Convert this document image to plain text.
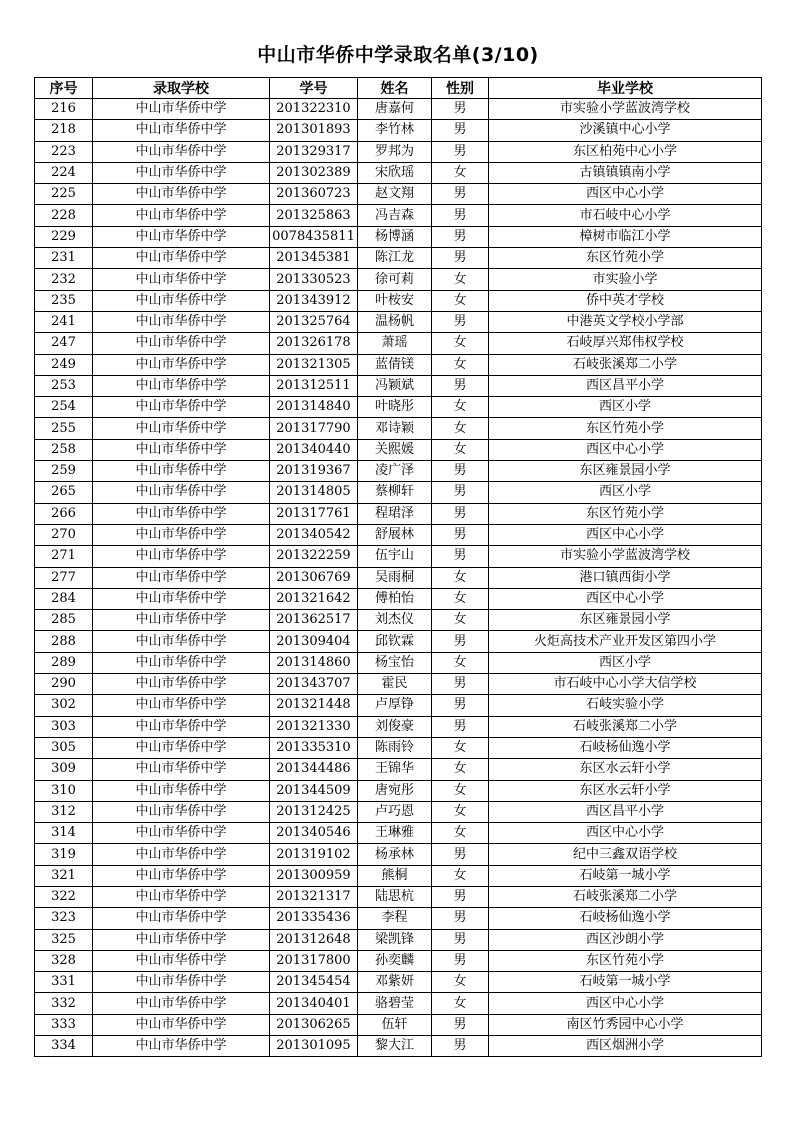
中山市华侨中学录取名单(3/10)
序号	录取学校	学号	姓名	性别	毕业学校
216	中山市华侨中学	201322310	唐嘉何	男	市实验小学蓝波湾学校
218	中山市华侨中学	201301893	李竹林	男	沙溪镇中心小学
223	中山市华侨中学	201329317	罗邦为	男	东区柏苑中心小学
224	中山市华侨中学	201302389	宋欣瑶	女	古镇镇镇南小学
225	中山市华侨中学	201360723	赵文翔	男	西区中心小学
228	中山市华侨中学	201325863	冯吉森	男	市石岐中心小学
229	中山市华侨中学	0078435811	杨博涵	男	樟树市临江小学
231	中山市华侨中学	201345381	陈江龙	男	东区竹苑小学
232	中山市华侨中学	201330523	徐可莉	女	市实验小学
235	中山市华侨中学	201343912	叶桉安	女	侨中英才学校
241	中山市华侨中学	201325764	温杨帆	男	中港英文学校小学部
247	中山市华侨中学	201326178	萧瑶	女	石岐厚兴郑伟权学校
249	中山市华侨中学	201321305	蓝倩镁	女	石岐张溪郑二小学
253	中山市华侨中学	201312511	冯颖斌	男	西区昌平小学
254	中山市华侨中学	201314840	叶晓彤	女	西区小学
255	中山市华侨中学	201317790	邓诗颖	女	东区竹苑小学
258	中山市华侨中学	201340440	关熙媛	女	西区中心小学
259	中山市华侨中学	201319367	凌广泽	男	东区雍景园小学
265	中山市华侨中学	201314805	蔡柳轩	男	西区小学
266	中山市华侨中学	201317761	程珺泽	男	东区竹苑小学
270	中山市华侨中学	201340542	舒展林	男	西区中心小学
271	中山市华侨中学	201322259	伍宇山	男	市实验小学蓝波湾学校
277	中山市华侨中学	201306769	吴雨桐	女	港口镇西街小学
284	中山市华侨中学	201321642	傅柏怡	女	西区中心小学
285	中山市华侨中学	201362517	刘杰仪	女	东区雍景园小学
288	中山市华侨中学	201309404	邱钦霖	男	火炬高技术产业开发区第四小学
289	中山市华侨中学	201314860	杨宝怡	女	西区小学
290	中山市华侨中学	201343707	霍民	男	市石岐中心小学大信学校
302	中山市华侨中学	201321448	卢厚铮	男	石岐实验小学
303	中山市华侨中学	201321330	刘俊豪	男	石岐张溪郑二小学
305	中山市华侨中学	201335310	陈雨铃	女	石岐杨仙逸小学
309	中山市华侨中学	201344486	王锦华	女	东区水云轩小学
310	中山市华侨中学	201344509	唐宛彤	女	东区水云轩小学
312	中山市华侨中学	201312425	卢巧恩	女	西区昌平小学
314	中山市华侨中学	201340546	王琳雅	女	西区中心小学
319	中山市华侨中学	201319102	杨承林	男	纪中三鑫双语学校
321	中山市华侨中学	201300959	熊桐	女	石岐第一城小学
322	中山市华侨中学	201321317	陆思杭	男	石岐张溪郑二小学
323	中山市华侨中学	201335436	李程	男	石岐杨仙逸小学
325	中山市华侨中学	201312648	梁凯锋	男	西区沙朗小学
328	中山市华侨中学	201317800	孙奕麟	男	东区竹苑小学
331	中山市华侨中学	201345454	邓紫妍	女	石岐第一城小学
332	中山市华侨中学	201340401	骆碧莹	女	西区中心小学
333	中山市华侨中学	201306265	伍轩	男	南区竹秀园中心小学
334	中山市华侨中学	201301095	黎大江	男	西区烟洲小学
